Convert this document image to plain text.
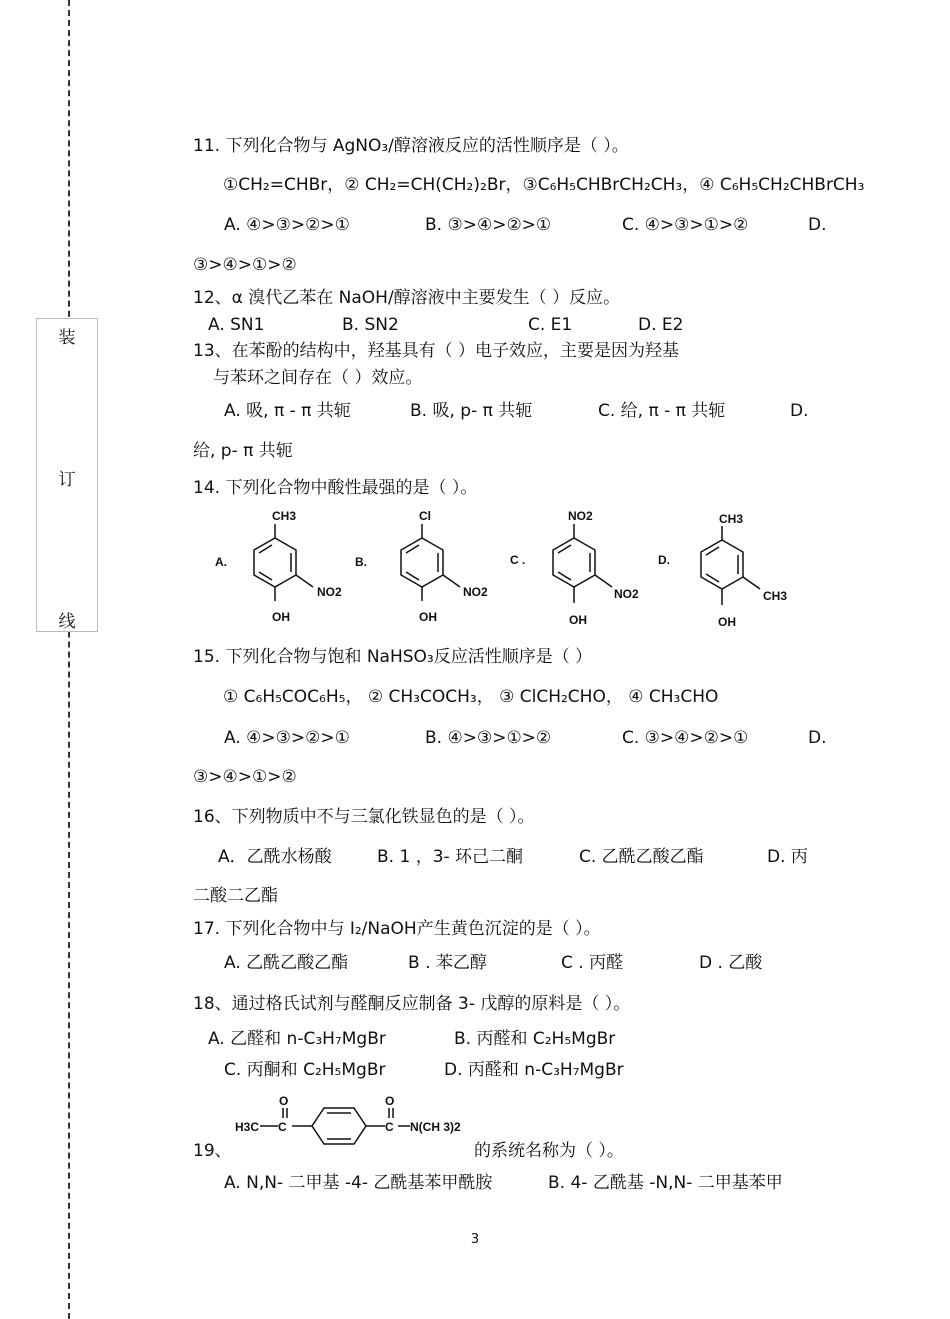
装
订
线
11. 下列化合物与 AgNO₃/醇溶液反应的活性顺序是（ ）。
①CH₂=CHBr，② CH₂=CH(CH₂)₂Br，③C₆H₅CHBrCH₂CH₃，④ C₆H₅CH₂CHBrCH₃
A. ④>③>②>①	B. ③>④>②>①	C. ④>③>①>②	D.
③>④>①>②
12、α 溴代乙苯在 NaOH/醇溶液中主要发生（ ）反应。
A. SN1	B. SN2	C. E1	D. E2
13、在苯酚的结构中，羟基具有（ ）电子效应，主要是因为羟基
与苯环之间存在（ ）效应。
A. 吸, π - π 共轭	B. 吸, p- π 共轭	C. 给, π - π 共轭	D.
给, p- π 共轭
14. 下列化合物中酸性最强的是（ ）。
A.
CH3
NO2
OH
B.
Cl
NO2
OH
C .
NO2
NO2
OH
D.
CH3
CH3
OH
15. 下列化合物与饱和 NaHSO₃反应活性顺序是（ ）
① C₆H₅COC₆H₅， ② CH₃COCH₃， ③ ClCH₂CHO， ④ CH₃CHO
A. ④>③>②>①	B. ④>③>①>②	C. ③>④>②>①	D.
③>④>①>②
16、下列物质中不与三氯化铁显色的是（ ）。
A．乙酰水杨酸	B. 1 ，3- 环己二酮	C. 乙酰乙酸乙酯	D. 丙
二酸二乙酯
17. 下列化合物中与 I₂/NaOH产生黄色沉淀的是（ ）。
A. 乙酰乙酸乙酯	B . 苯乙醇	C . 丙醛	D . 乙酸
18、通过格氏试剂与醛酮反应制备 3- 戊醇的原料是（ ）。
A. 乙醛和 n-C₃H₇MgBr	B. 丙醛和 C₂H₅MgBr
C. 丙酮和 C₂H₅MgBr	D. 丙醛和 n-C₃H₇MgBr
H3C
O	O
N(CH 3)2
C	C
19、	的系统名称为（ ）。
A. N,N- 二甲基 -4- 乙酰基苯甲酰胺	B. 4- 乙酰基 -N,N- 二甲基苯甲
3
